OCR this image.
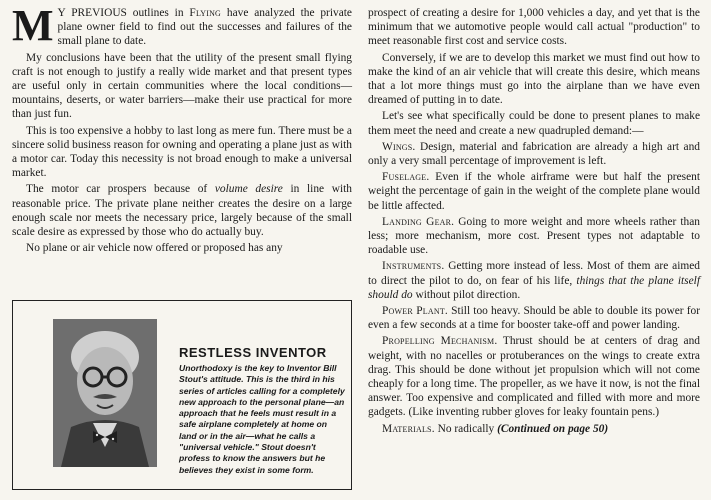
M Y PREVIOUS outlines in Flying have analyzed the private plane owner field to find out the successes and failures of the small plane to date.

My conclusions have been that the utility of the present small flying craft is not enough to justify a really wide market and that present types are useful only in certain communities where the local conditions—mountains, deserts, or water barriers—make their use practical for more than just fun.

This is too expensive a hobby to last long as mere fun. There must be a sincere solid business reason for owning and operating a plane just as with a motor car. Today this necessity is not broad enough to make a universal market.

The motor car prospers because of volume desire in line with reasonable price. The private plane neither creates the desire on a large enough scale nor meets the necessary price, largely because of the small scale desire as expressed by those who do actually buy.

No plane or air vehicle now offered or proposed has any

RESTLESS INVENTOR
Unorthodoxy is the key to Inventor Bill Stout's attitude. This is the third in his series of articles calling for a completely new approach to the personal plane—an approach that he feels must result in a safe airplane completely at home on land or in the air—what he calls a "universal vehicle." Stout doesn't profess to know the answers but he believes they exist in some form.

prospect of creating a desire for 1,000 vehicles a day, and yet that is the minimum that we automotive people would call actual "production" to meet reasonable first cost and service costs.

Conversely, if we are to develop this market we must find out how to make the kind of an air vehicle that will create this desire, which means that a lot more things must go into the airplane than we have even dreamed of putting in to date.

Let's see what specifically could be done to present planes to make them meet the need and create a new quadrupled demand:—

Wings. Design, material and fabrication are already a high art and only a very small percentage of improvement is left.

Fuselage. Even if the whole airframe were but half the present weight the percentage of gain in the weight of the complete plane would be little affected.

Landing Gear. Going to more weight and more wheels rather than less; more mechanism, more cost. Present types not adaptable to roadable use.

Instruments. Getting more instead of less. Most of them are aimed to direct the pilot to do, on fear of his life, things that the plane itself should do without pilot direction.

Power Plant. Still too heavy. Should be able to double its power for even a few seconds at a time for booster take-off and power landing.

Propelling Mechanism. Thrust should be at centers of drag and weight, with no nacelles or protuberances on the wings to create extra drag. This should be done without jet propulsion which will not come cheaply for a long time. The propeller, as we have it now, is not the final answer. Too expensive and complicated and filled with more and more gadgets. (Like inventing rubber gloves for leaky fountain pens.)

Materials. No radically (Continued on page 50)
